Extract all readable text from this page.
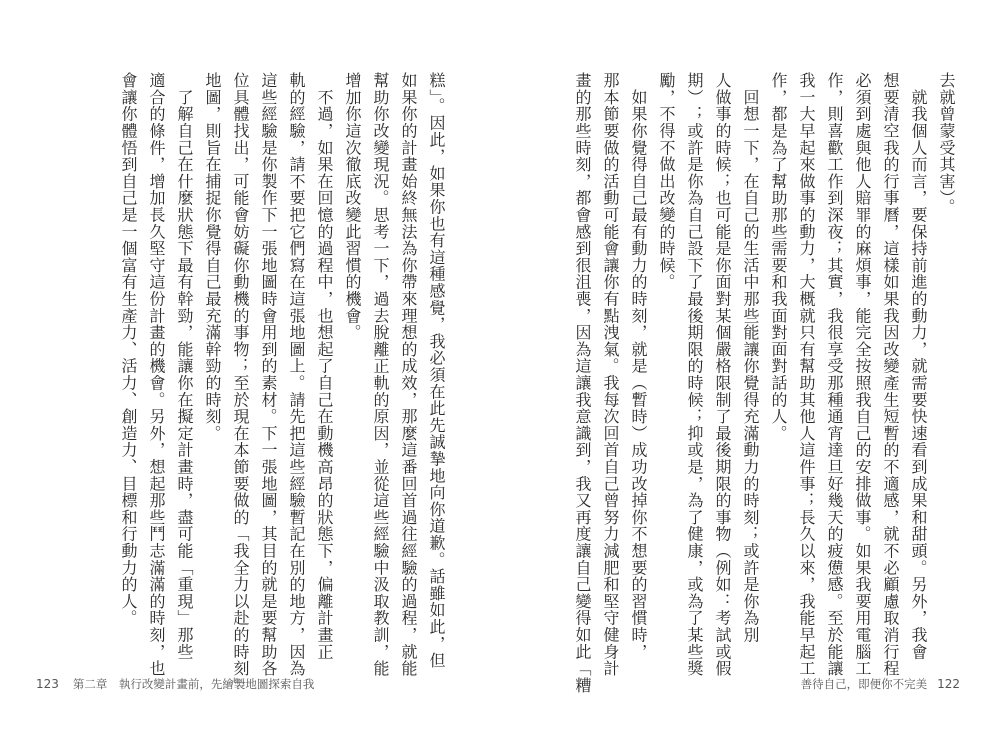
糕」。因此，如果你也有這種感覺，我必須在此先誠摯地向你道歉。話雖如此，但
如果你的計畫始終無法為你帶來理想的成效，那麼這番回首過往經驗的過程，就能
幫助你改變現況。思考一下，過去脫離正軌的原因，並從這些經驗中汲取教訓，能
增加你這次徹底改變此習慣的機會。
　不過，如果在回憶的過程中，也想起了自己在動機高昂的狀態下，偏離計畫正
軌的經驗，請不要把它們寫在這張地圖上。請先把這些經驗暫記在別的地方，因為
這些經驗是你製作下一張地圖時會用到的素材。下一張地圖，其目的就是要幫助各
位具體找出，可能會妨礙你動機的事物；至於現在本節要做的「我全力以赴的時刻」
地圖，則旨在捕捉你覺得自己最充滿幹勁的時刻。
　了解自己在什麼狀態下最有幹勁，能讓你在擬定計畫時，盡可能「重現」那些
適合的條件，增加長久堅守這份計畫的機會。另外，想起那些鬥志滿滿的時刻，也
會讓你體悟到自己是一個富有生產力、活力、創造力、目標和行動力的人。
123 第二章　執行改變計畫前，先繪製地圖探索自我
去就曾蒙受其害）。
　就我個人而言，要保持前進的動力，就需要快速看到成果和甜頭。另外，我會
想要清空我的行事曆，這樣如果我因改變產生短暫的不適感，就不必顧慮取消行程
必須到處與他人賠罪的麻煩事，能完全按照我自己的安排做事。如果我要用電腦工
作，則喜歡工作到深夜；其實，我很享受那種通宵達旦好幾天的疲憊感。至於能讓
我一大早起來做事的動力，大概就只有幫助其他人這件事；長久以來，我能早起工
作，都是為了幫助那些需要和我面對面對話的人。
　回想一下，在自己的生活中那些能讓你覺得充滿動力的時刻；或許是你為別
人做事的時候；也可能是你面對某個嚴格限制了最後期限的事物（例如：考試或假
期）；或許是你為自己設下了最後期限的時候；抑或是，為了健康，或為了某些獎
勵，不得不做出改變的時候。
　如果你覺得自己最有動力的時刻，就是（暫時）成功改掉你不想要的習慣時，
那本節要做的活動可能會讓你有點洩氣。我每次回首自己曾努力減肥和堅守健身計
畫的那些時刻，都會感到很沮喪，因為這讓我意識到，我又再度讓自己變得如此「糟	善待自己，即便你不完美 122
